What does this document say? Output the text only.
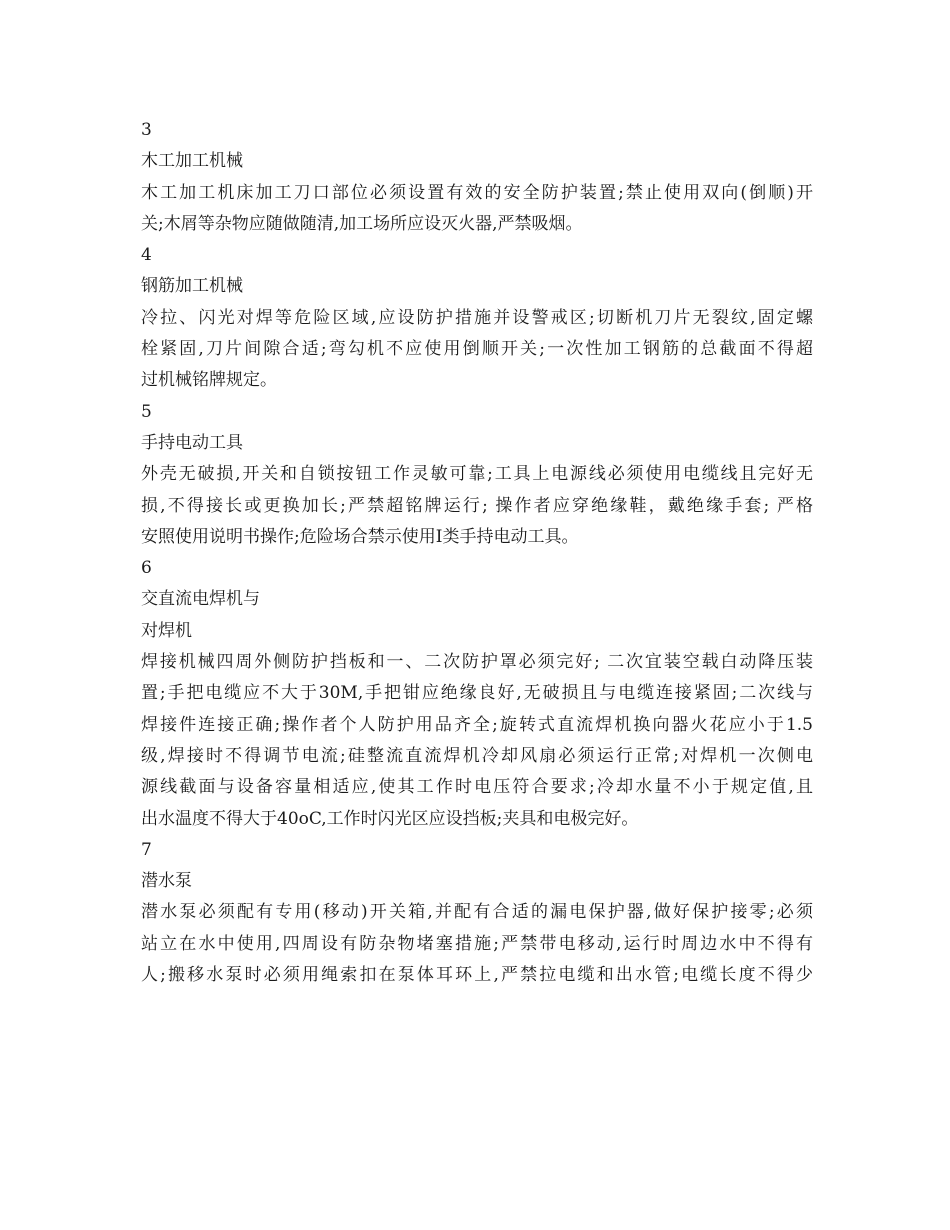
3
木工加工机械
木工加工机床加工刀口部位必须设置有效的安全防护装置;禁止使用双向(倒顺)开
关;木屑等杂物应随做随清,加工场所应设灭火器,严禁吸烟。
4
钢筋加工机械
冷拉、闪光对焊等危险区域,应设防护措施并设警戒区;切断机刀片无裂纹,固定螺
栓紧固,刀片间隙合适;弯勾机不应使用倒顺开关;一次性加工钢筋的总截面不得超
过机械铭牌规定。
5
手持电动工具
外壳无破损,开关和自锁按钮工作灵敏可靠;工具上电源线必须使用电缆线且完好无
损,不得接长或更换加长;严禁超铭牌运行; 操作者应穿绝缘鞋，戴绝缘手套; 严格
安照使用说明书操作;危险场合禁示使用Ⅰ类手持电动工具。
6
交直流电焊机与
对焊机
焊接机械四周外侧防护挡板和一、二次防护罩必须完好; 二次宜装空载白动降压装
置;手把电缆应不大于30M,手把钳应绝缘良好,无破损且与电缆连接紧固;二次线与
焊接件连接正确;操作者个人防护用品齐全;旋转式直流焊机换向器火花应小于1.5
级,焊接时不得调节电流;硅整流直流焊机冷却风扇必须运行正常;对焊机一次侧电
源线截面与设备容量相适应,使其工作时电压符合要求;冷却水量不小于规定值,且
出水温度不得大于40oC,工作时闪光区应设挡板;夹具和电极完好。
7
潜水泵
潜水泵必须配有专用(移动)开关箱,并配有合适的漏电保护器,做好保护接零;必须
站立在水中使用,四周设有防杂物堵塞措施;严禁带电移动,运行时周边水中不得有
人;搬移水泵时必须用绳索扣在泵体耳环上,严禁拉电缆和出水管;电缆长度不得少
